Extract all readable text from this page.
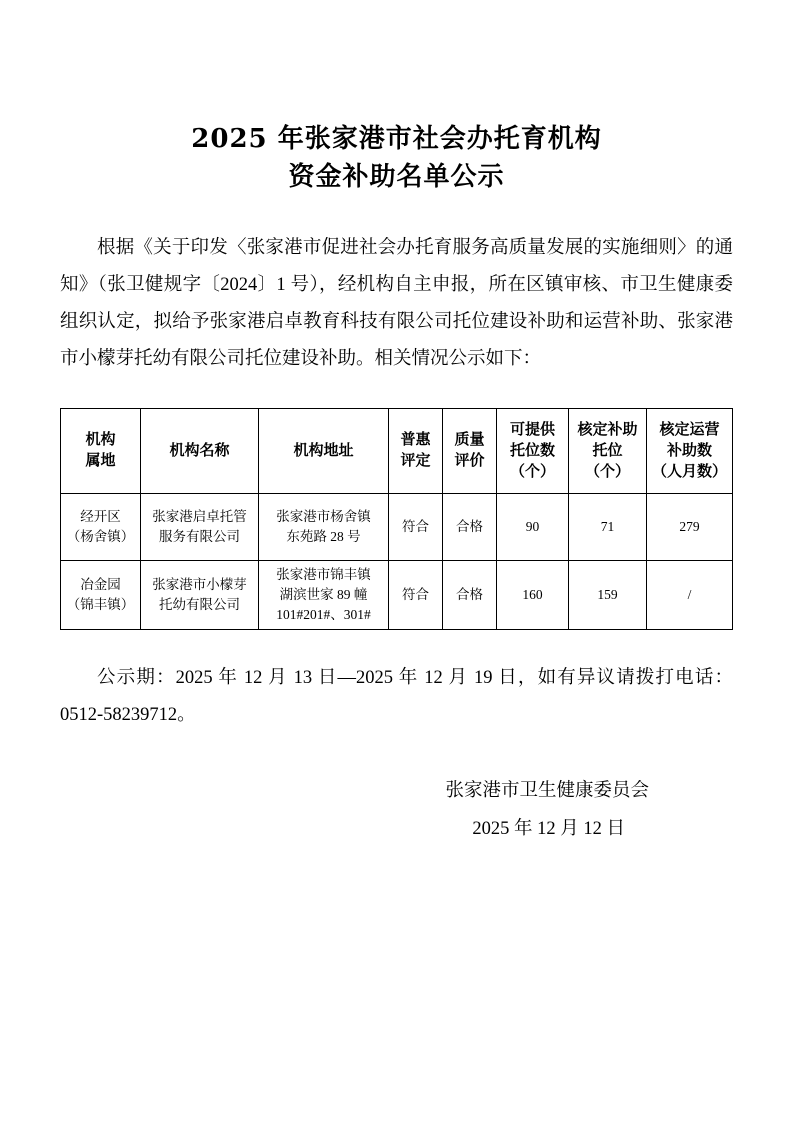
2025 年张家港市社会办托育机构
资金补助名单公示

根据《关于印发〈张家港市促进社会办托育服务高质量发展的实施细则〉的通知》（张卫健规字〔2024〕1 号），经机构自主申报，所在区镇审核、市卫生健康委组织认定，拟给予张家港启卓教育科技有限公司托位建设补助和运营补助、张家港市小檬芽托幼有限公司托位建设补助。相关情况公示如下：

机构
属地	机构名称	机构地址	普惠
评定	质量
评价	可提供
托位数
（个）	核定补助
托位
（个）	核定运营
补助数
（人月数）

经开区
（杨舍镇）	张家港启卓托管
服务有限公司	张家港市杨舍镇
东苑路 28 号	符合	合格	90	71	279

冶金园
（锦丰镇）	张家港市小檬芽
托幼有限公司	张家港市锦丰镇
湖滨世家 89 幢
101#201#、301#	符合	合格	160	159	/

公示期：2025 年 12 月 13 日—2025 年 12 月 19 日，如有异议请拨打电话：0512-58239712。

张家港市卫生健康委员会
2025 年 12 月 12 日
